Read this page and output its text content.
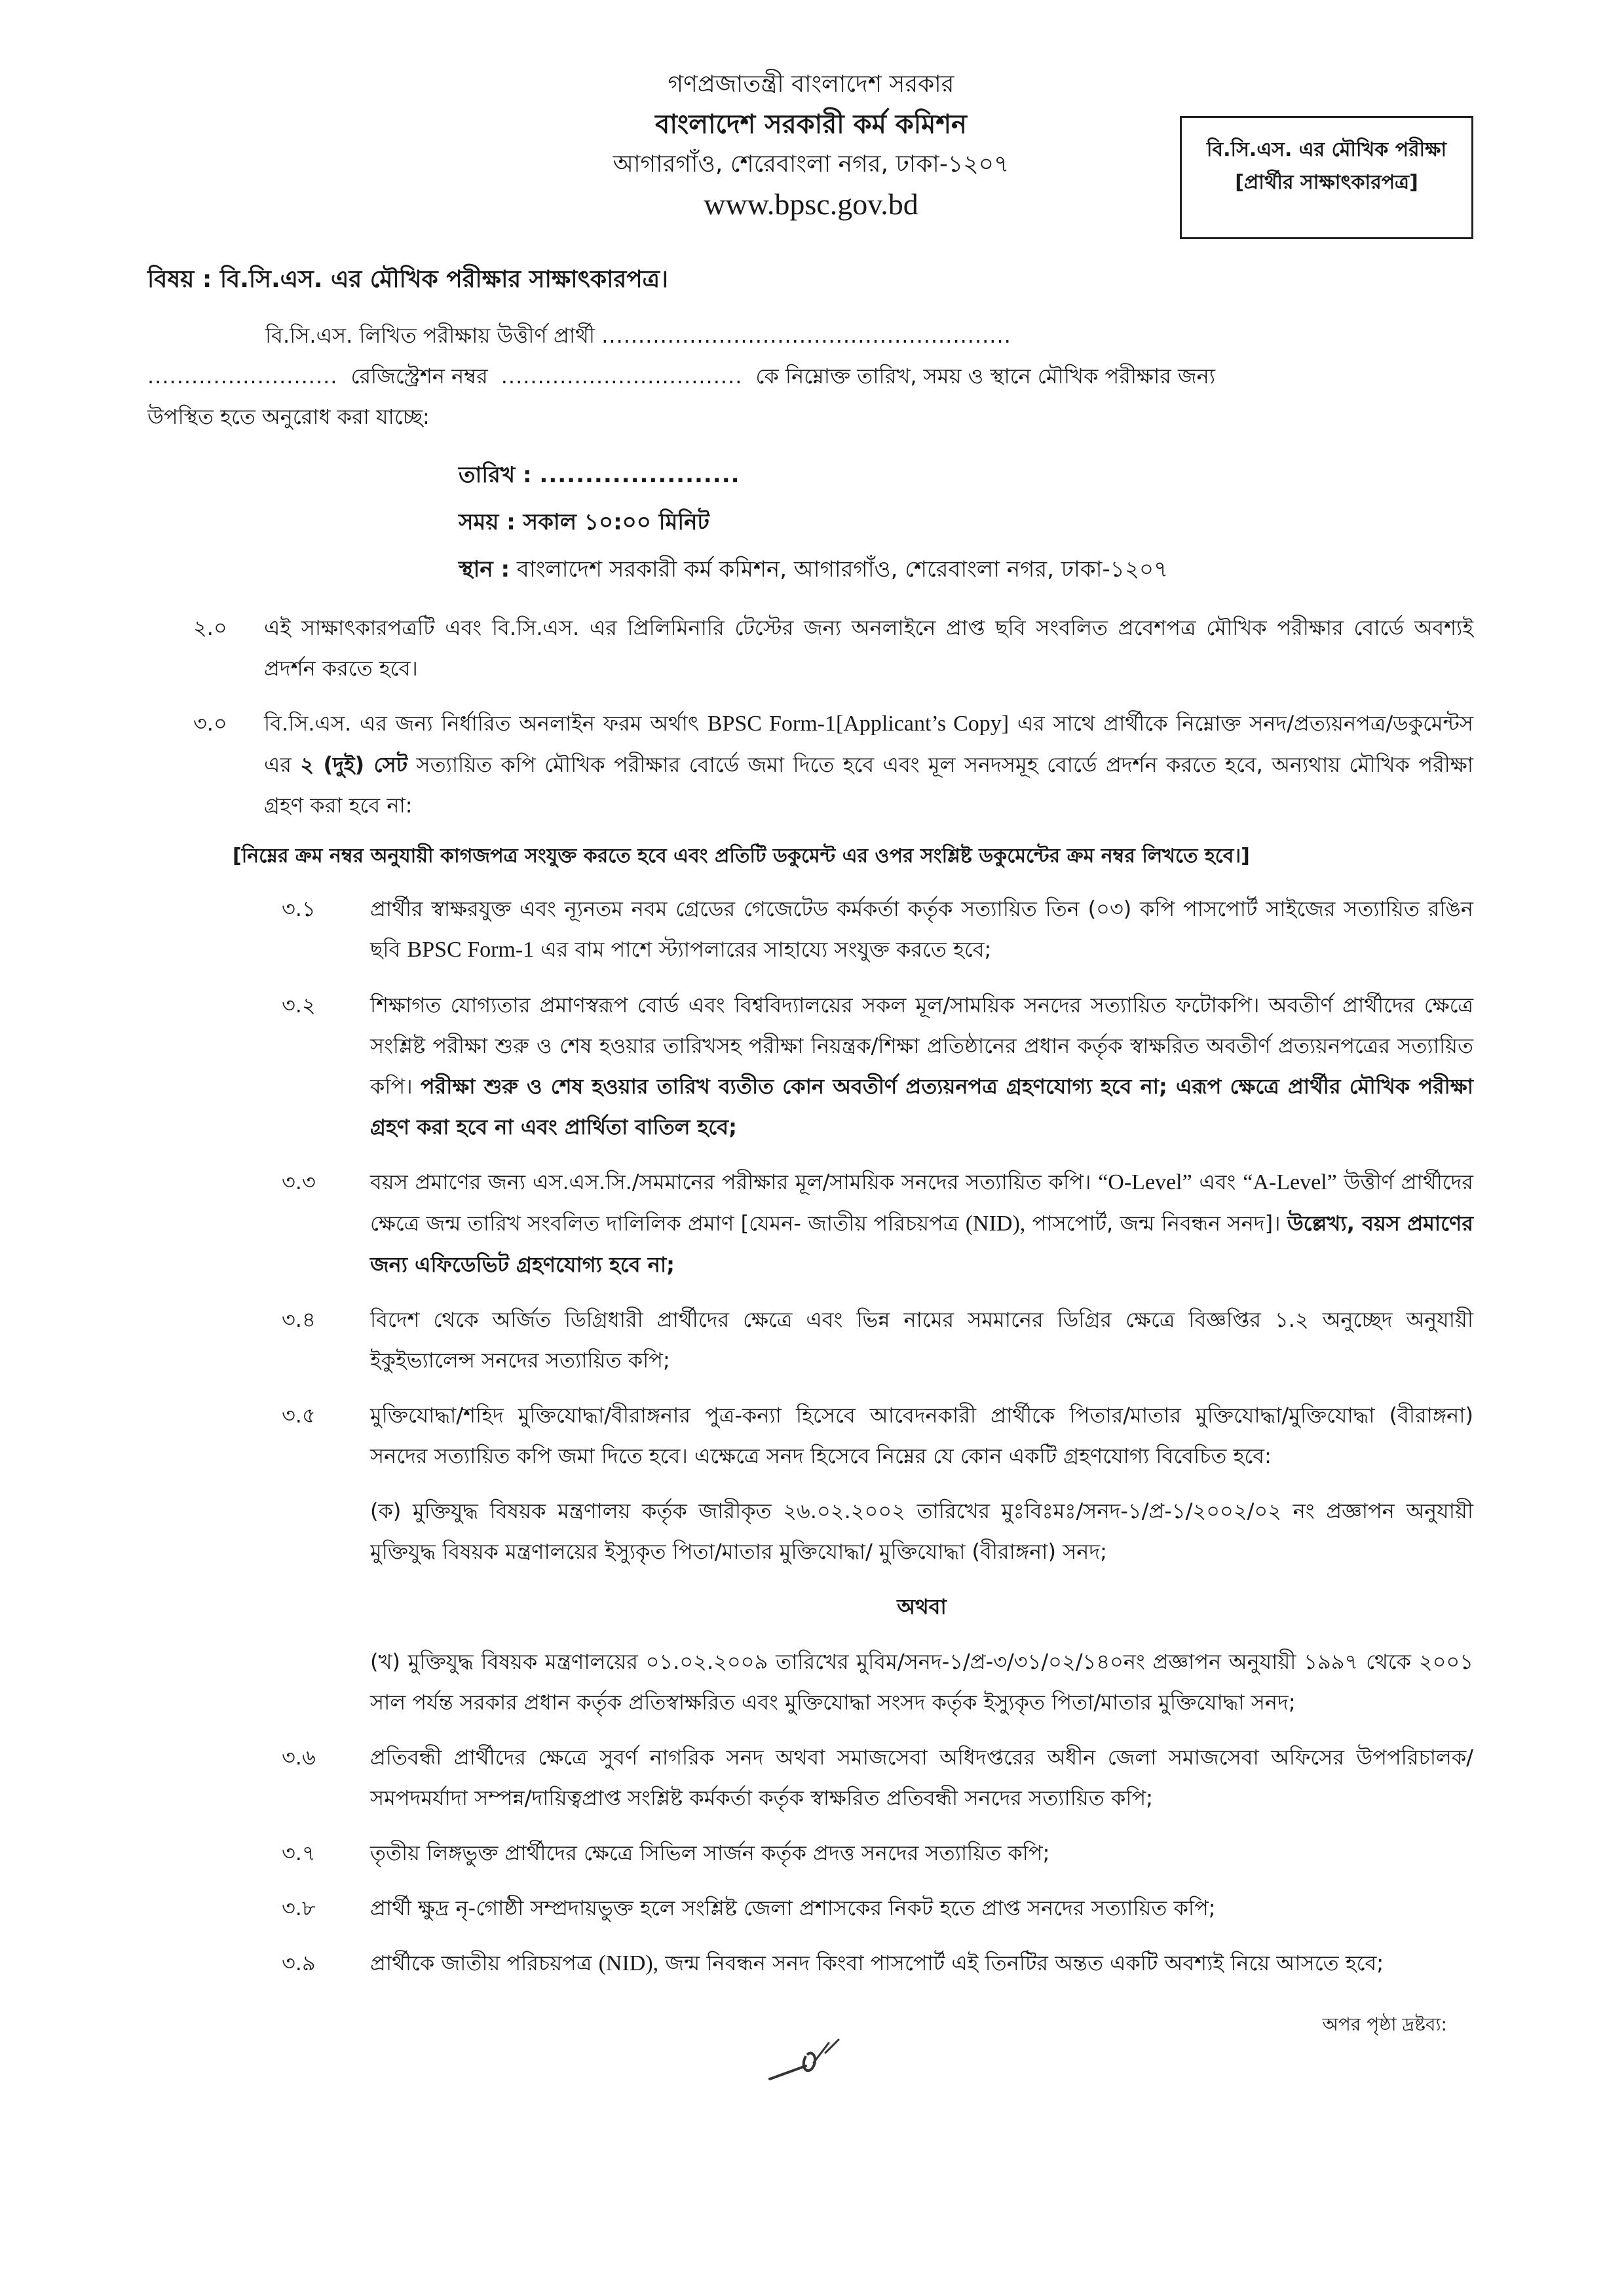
গণপ্রজাতন্ত্রী বাংলাদেশ সরকার
বাংলাদেশ সরকারী কর্ম কমিশন
আগারগাঁও, শেরেবাংলা নগর, ঢাকা-১২০৭
www.bpsc.gov.bd
বি.সি.এস. এর মৌখিক পরীক্ষা
[প্রার্থীর সাক্ষাৎকারপত্র]
বিষয় : বি.সি.এস. এর মৌখিক পরীক্ষার সাক্ষাৎকারপত্র।
বি.সি.এস. লিখিত পরীক্ষায় উত্তীর্ণ প্রার্থী ........................................................
.......................... রেজিস্ট্রেশন নম্বর ................................. কে নিম্নোক্ত তারিখ, সময় ও স্থানে মৌখিক পরীক্ষার জন্য
উপস্থিত হতে অনুরোধ করা যাচ্ছে:
তারিখ : ......................
সময় : সকাল ১০:০০ মিনিট
স্থান : বাংলাদেশ সরকারী কর্ম কমিশন, আগারগাঁও, শেরেবাংলা নগর, ঢাকা-১২০৭
২.০	এই সাক্ষাৎকারপত্রটি এবং বি.সি.এস. এর প্রিলিমিনারি টেস্টের জন্য অনলাইনে প্রাপ্ত ছবি সংবলিত প্রবেশপত্র মৌখিক পরীক্ষার বোর্ডে অবশ্যই প্রদর্শন করতে হবে।
৩.০	বি.সি.এস. এর জন্য নির্ধারিত অনলাইন ফরম অর্থাৎ BPSC Form-1[Applicant’s Copy] এর সাথে প্রার্থীকে নিম্নোক্ত সনদ/প্রত্যয়নপত্র/ডকুমেন্টস এর ২ (দুই) সেট সত্যায়িত কপি মৌখিক পরীক্ষার বোর্ডে জমা দিতে হবে এবং মূল সনদসমূহ বোর্ডে প্রদর্শন করতে হবে, অন্যথায় মৌখিক পরীক্ষা গ্রহণ করা হবে না:
[নিম্নের ক্রম নম্বর অনুযায়ী কাগজপত্র সংযুক্ত করতে হবে এবং প্রতিটি ডকুমেন্ট এর ওপর সংশ্লিষ্ট ডকুমেন্টের ক্রম নম্বর লিখতে হবে।]
৩.১	প্রার্থীর স্বাক্ষরযুক্ত এবং ন্যূনতম নবম গ্রেডের গেজেটেড কর্মকর্তা কর্তৃক সত্যায়িত তিন (০৩) কপি পাসপোর্ট সাইজের সত্যায়িত রঙিন ছবি BPSC Form-1 এর বাম পাশে স্ট্যাপলারের সাহায্যে সংযুক্ত করতে হবে;
৩.২	শিক্ষাগত যোগ্যতার প্রমাণস্বরূপ বোর্ড এবং বিশ্ববিদ্যালয়ের সকল মূল/সাময়িক সনদের সত্যায়িত ফটোকপি। অবতীর্ণ প্রার্থীদের ক্ষেত্রে সংশ্লিষ্ট পরীক্ষা শুরু ও শেষ হওয়ার তারিখসহ পরীক্ষা নিয়ন্ত্রক/শিক্ষা প্রতিষ্ঠানের প্রধান কর্তৃক স্বাক্ষরিত অবতীর্ণ প্রত্যয়নপত্রের সত্যায়িত কপি। পরীক্ষা শুরু ও শেষ হওয়ার তারিখ ব্যতীত কোন অবতীর্ণ প্রত্যয়নপত্র গ্রহণযোগ্য হবে না; এরূপ ক্ষেত্রে প্রার্থীর মৌখিক পরীক্ষা গ্রহণ করা হবে না এবং প্রার্থিতা বাতিল হবে;
৩.৩	বয়স প্রমাণের জন্য এস.এস.সি./সমমানের পরীক্ষার মূল/সাময়িক সনদের সত্যায়িত কপি। “O-Level” এবং “A-Level” উত্তীর্ণ প্রার্থীদের ক্ষেত্রে জন্ম তারিখ সংবলিত দালিলিক প্রমাণ [যেমন- জাতীয় পরিচয়পত্র (NID), পাসপোর্ট, জন্ম নিবন্ধন সনদ]। উল্লেখ্য, বয়স প্রমাণের জন্য এফিডেভিট গ্রহণযোগ্য হবে না;
৩.৪	বিদেশ থেকে অর্জিত ডিগ্রিধারী প্রার্থীদের ক্ষেত্রে এবং ভিন্ন নামের সমমানের ডিগ্রির ক্ষেত্রে বিজ্ঞপ্তির ১.২ অনুচ্ছেদ অনুযায়ী ইকুইভ্যালেন্স সনদের সত্যায়িত কপি;
৩.৫	মুক্তিযোদ্ধা/শহিদ মুক্তিযোদ্ধা/বীরাঙ্গনার পুত্র-কন্যা হিসেবে আবেদনকারী প্রার্থীকে পিতার/মাতার মুক্তিযোদ্ধা/মুক্তিযোদ্ধা (বীরাঙ্গনা) সনদের সত্যায়িত কপি জমা দিতে হবে। এক্ষেত্রে সনদ হিসেবে নিম্নের যে কোন একটি গ্রহণযোগ্য বিবেচিত হবে:
(ক) মুক্তিযুদ্ধ বিষয়ক মন্ত্রণালয় কর্তৃক জারীকৃত ২৬.০২.২০০২ তারিখের মুঃবিঃমঃ/সনদ-১/প্র-১/২০০২/০২ নং প্রজ্ঞাপন অনুযায়ী মুক্তিযুদ্ধ বিষয়ক মন্ত্রণালয়ের ইস্যুকৃত পিতা/মাতার মুক্তিযোদ্ধা/ মুক্তিযোদ্ধা (বীরাঙ্গনা) সনদ;
অথবা
(খ) মুক্তিযুদ্ধ বিষয়ক মন্ত্রণালয়ের ০১.০২.২০০৯ তারিখের মুবিম/সনদ-১/প্র-৩/৩১/০২/১৪০নং প্রজ্ঞাপন অনুযায়ী ১৯৯৭ থেকে ২০০১ সাল পর্যন্ত সরকার প্রধান কর্তৃক প্রতিস্বাক্ষরিত এবং মুক্তিযোদ্ধা সংসদ কর্তৃক ইস্যুকৃত পিতা/মাতার মুক্তিযোদ্ধা সনদ;
৩.৬	প্রতিবন্ধী প্রার্থীদের ক্ষেত্রে সুবর্ণ নাগরিক সনদ অথবা সমাজসেবা অধিদপ্তরের অধীন জেলা সমাজসেবা অফিসের উপপরিচালক/সমপদমর্যাদা সম্পন্ন/দায়িত্বপ্রাপ্ত সংশ্লিষ্ট কর্মকর্তা কর্তৃক স্বাক্ষরিত প্রতিবন্ধী সনদের সত্যায়িত কপি;
৩.৭	তৃতীয় লিঙ্গভুক্ত প্রার্থীদের ক্ষেত্রে সিভিল সার্জন কর্তৃক প্রদত্ত সনদের সত্যায়িত কপি;
৩.৮	প্রার্থী ক্ষুদ্র নৃ-গোষ্ঠী সম্প্রদায়ভুক্ত হলে সংশ্লিষ্ট জেলা প্রশাসকের নিকট হতে প্রাপ্ত সনদের সত্যায়িত কপি;
৩.৯	প্রার্থীকে জাতীয় পরিচয়পত্র (NID), জন্ম নিবন্ধন সনদ কিংবা পাসপোর্ট এই তিনটির অন্তত একটি অবশ্যই নিয়ে আসতে হবে;
অপর পৃষ্ঠা দ্রষ্টব্য:
